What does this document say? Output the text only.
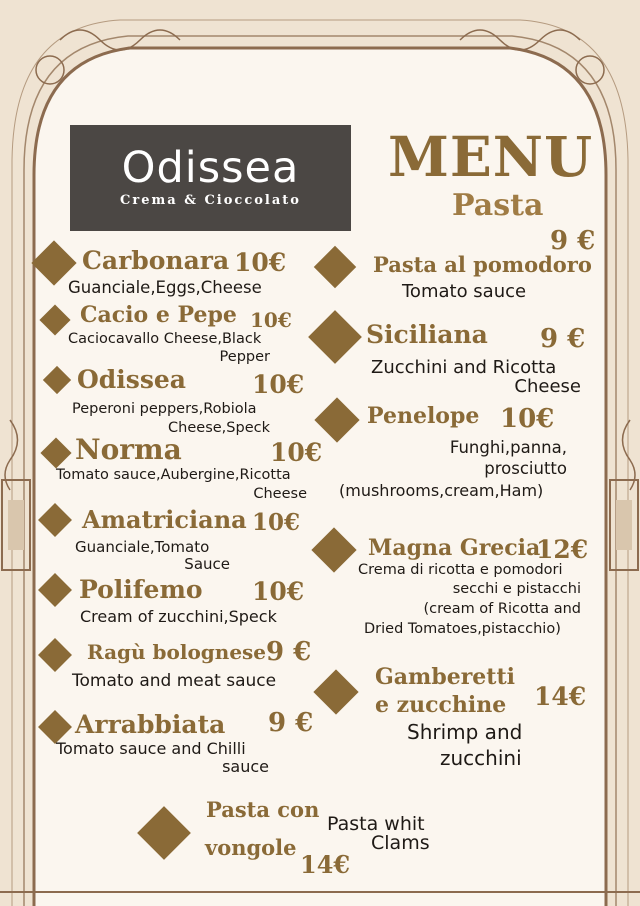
Odissea
Crema & Cioccolato
MENU
Pasta
Carbonara 10€
Guanciale,Eggs,Cheese
Cacio e Pepe 10€
Caciocavallo Cheese,Black
Pepper
Odissea	10€
Peperoni peppers,Robiola
Cheese,Speck
Norma	10€
Tomato sauce,Aubergine,Ricotta
Cheese
Amatriciana 10€
Guanciale,Tomato
Sauce
Polifemo 10€
Cream of zucchini,Speck
Ragù bolognese 9 €
Tomato and meat sauce
Arrabbiata 9 €
Tomato sauce and Chilli
sauce
9 €
Pasta al pomodoro
Tomato sauce
Siciliana 9 €
Zucchini and Ricotta
Cheese
Penelope 10€
Funghi,panna,
prosciutto
(mushrooms,cream,Ham)
Magna Grecia
12€
Crema di ricotta e pomodori
secchi e pistacchi
(cream of Ricotta and
Dried Tomatoes,pistacchio)
Gamberetti
e zucchine 14€
Shrimp and
zucchini
Pasta con
vongole
14€
Pasta whit
Clams
